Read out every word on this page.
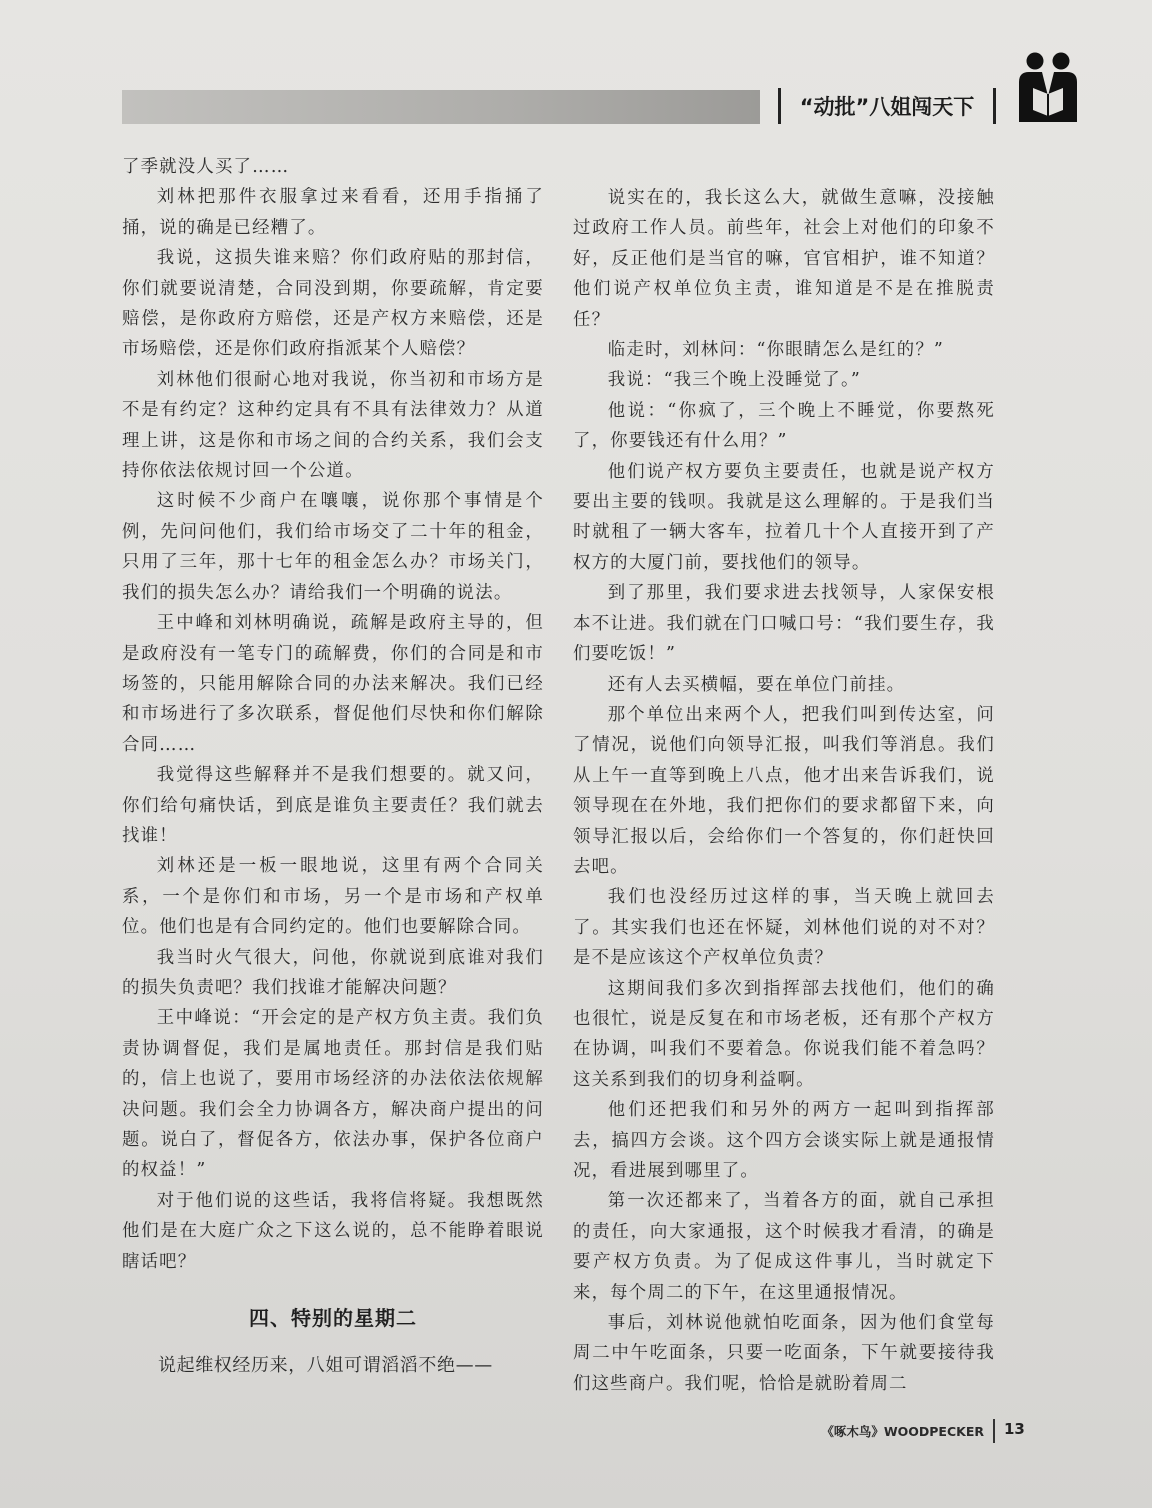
“动批”八姐闯天下

了季就没人买了……

刘林把那件衣服拿过来看看，还用手指捅了捅，说的确是已经糟了。

我说，这损失谁来赔？你们政府贴的那封信，你们就要说清楚，合同没到期，你要疏解，肯定要赔偿，是你政府方赔偿，还是产权方来赔偿，还是市场赔偿，还是你们政府指派某个人赔偿？

刘林他们很耐心地对我说，你当初和市场方是不是有约定？这种约定具有不具有法律效力？从道理上讲，这是你和市场之间的合约关系，我们会支持你依法依规讨回一个公道。

这时候不少商户在嚷嚷，说你那个事情是个例，先问问他们，我们给市场交了二十年的租金，只用了三年，那十七年的租金怎么办？市场关门，我们的损失怎么办？请给我们一个明确的说法。

王中峰和刘林明确说，疏解是政府主导的，但是政府没有一笔专门的疏解费，你们的合同是和市场签的，只能用解除合同的办法来解决。我们已经和市场进行了多次联系，督促他们尽快和你们解除合同……

我觉得这些解释并不是我们想要的。就又问，你们给句痛快话，到底是谁负主要责任？我们就去找谁！

刘林还是一板一眼地说，这里有两个合同关系，一个是你们和市场，另一个是市场和产权单位。他们也是有合同约定的。他们也要解除合同。

我当时火气很大，问他，你就说到底谁对我们的损失负责吧？我们找谁才能解决问题？

王中峰说：“开会定的是产权方负主责。我们负责协调督促，我们是属地责任。那封信是我们贴的，信上也说了，要用市场经济的办法依法依规解决问题。我们会全力协调各方，解决商户提出的问题。说白了，督促各方，依法办事，保护各位商户的权益！”

对于他们说的这些话，我将信将疑。我想既然他们是在大庭广众之下这么说的，总不能睁着眼说瞎话吧？

四、特别的星期二

说起维权经历来，八姐可谓滔滔不绝——

说实在的，我长这么大，就做生意嘛，没接触过政府工作人员。前些年，社会上对他们的印象不好，反正他们是当官的嘛，官官相护，谁不知道？他们说产权单位负主责，谁知道是不是在推脱责任？

临走时，刘林问：“你眼睛怎么是红的？”

我说：“我三个晚上没睡觉了。”

他说：“你疯了，三个晚上不睡觉，你要熬死了，你要钱还有什么用？”

他们说产权方要负主要责任，也就是说产权方要出主要的钱呗。我就是这么理解的。于是我们当时就租了一辆大客车，拉着几十个人直接开到了产权方的大厦门前，要找他们的领导。

到了那里，我们要求进去找领导，人家保安根本不让进。我们就在门口喊口号：“我们要生存，我们要吃饭！”

还有人去买横幅，要在单位门前挂。

那个单位出来两个人，把我们叫到传达室，问了情况，说他们向领导汇报，叫我们等消息。我们从上午一直等到晚上八点，他才出来告诉我们，说领导现在在外地，我们把你们的要求都留下来，向领导汇报以后，会给你们一个答复的，你们赶快回去吧。

我们也没经历过这样的事，当天晚上就回去了。其实我们也还在怀疑，刘林他们说的对不对？是不是应该这个产权单位负责？

这期间我们多次到指挥部去找他们，他们的确也很忙，说是反复在和市场老板，还有那个产权方在协调，叫我们不要着急。你说我们能不着急吗？这关系到我们的切身利益啊。

他们还把我们和另外的两方一起叫到指挥部去，搞四方会谈。这个四方会谈实际上就是通报情况，看进展到哪里了。

第一次还都来了，当着各方的面，就自己承担的责任，向大家通报，这个时候我才看清，的确是要产权方负责。为了促成这件事儿，当时就定下来，每个周二的下午，在这里通报情况。

事后，刘林说他就怕吃面条，因为他们食堂每周二中午吃面条，只要一吃面条，下午就要接待我们这些商户。我们呢，恰恰是就盼着周二

《啄木鸟》WOODPECKER 13
